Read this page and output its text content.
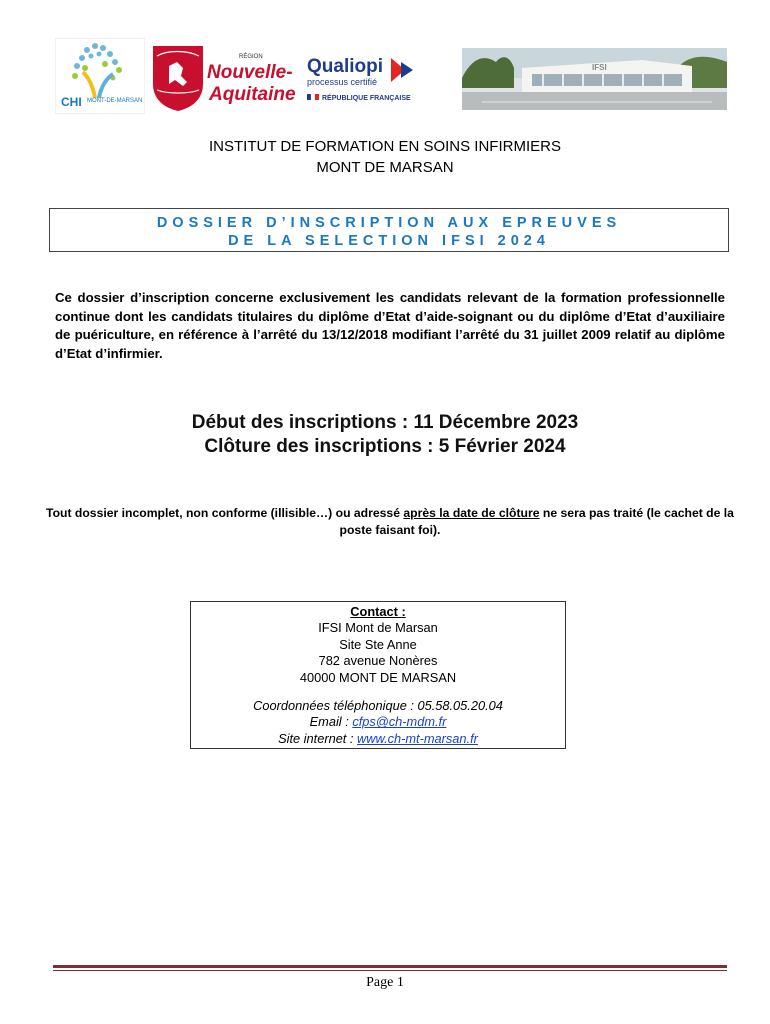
CHI MONT-DE-MARSAN
RÉGION
Nouvelle-
Aquitaine
Qualiopi
processus certifié
RÉPUBLIQUE FRANÇAISE
IFSI
INSTITUT DE FORMATION EN SOINS INFIRMIERS
MONT DE MARSAN
DOSSIER D’INSCRIPTION AUX EPREUVES
DE LA SELECTION IFSI 2024
Ce dossier d’inscription concerne exclusivement les candidats relevant de la formation professionnelle continue dont les candidats titulaires du diplôme d’Etat d’aide-soignant ou du diplôme d’Etat d’auxiliaire de puériculture, en référence à l’arrêté du 13/12/2018 modifiant l’arrêté du 31 juillet 2009 relatif au diplôme d’Etat d’infirmier.
Début des inscriptions : 11 Décembre 2023
Clôture des inscriptions : 5 Février 2024
Tout dossier incomplet, non conforme (illisible…) ou adressé après la date de clôture ne sera pas traité (le cachet de la poste faisant foi).
Contact :
IFSI Mont de Marsan
Site Ste Anne
782 avenue Nonères
40000 MONT DE MARSAN
Coordonnées téléphonique : 05.58.05.20.04
Email : cfps@ch-mdm.fr
Site internet : www.ch-mt-marsan.fr
Page 1
